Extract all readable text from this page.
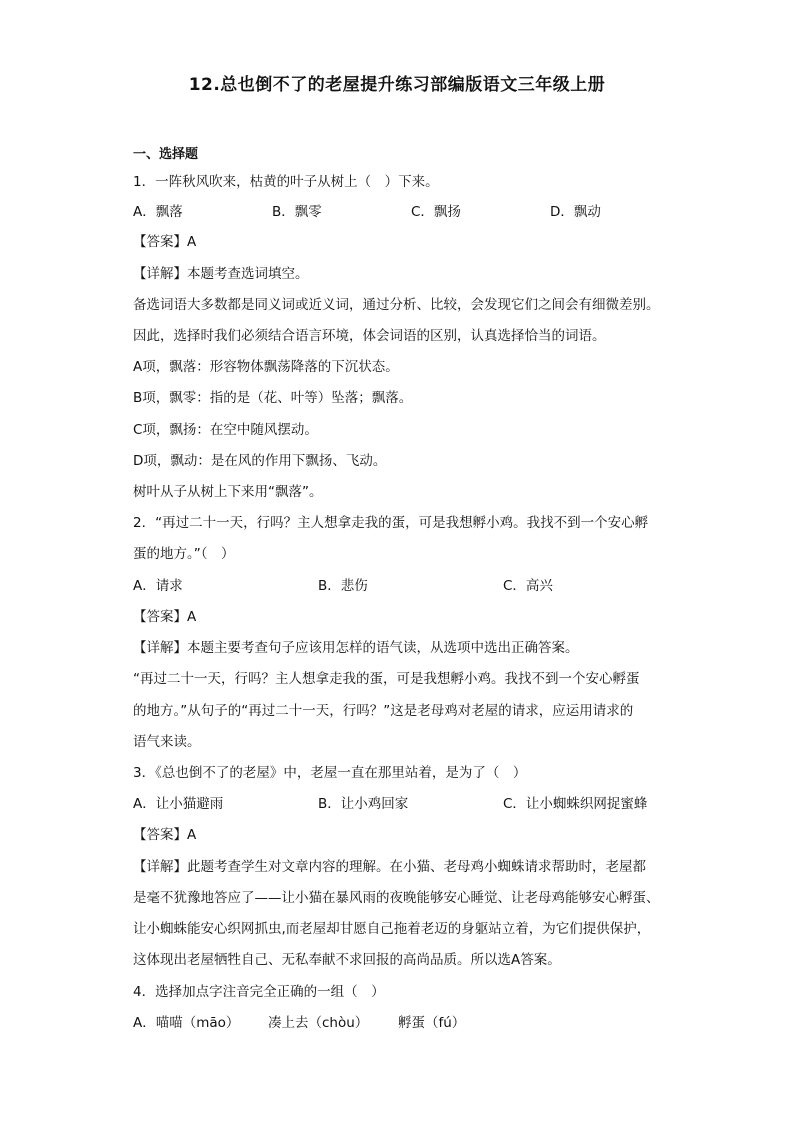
12.总也倒不了的老屋提升练习部编版语文三年级上册
一、选择题
1．一阵秋风吹来，枯黄的叶子从树上（　）下来。
A．飘落	B．飘零	C．飘扬	D．飘动
【答案】A
【详解】本题考查选词填空。
备选词语大多数都是同义词或近义词，通过分析、比较，会发现它们之间会有细微差别。
因此，选择时我们必须结合语言环境，体会词语的区别，认真选择恰当的词语。
A项，飘落：形容物体飘荡降落的下沉状态。
B项，飘零：指的是（花、叶等）坠落；飘落。
C项，飘扬：在空中随风摆动。
D项，飘动：是在风的作用下飘扬、飞动。
树叶从子从树上下来用“飘落”。
2．“再过二十一天，行吗？主人想拿走我的蛋，可是我想孵小鸡。我找不到一个安心孵
蛋的地方。”（　）
A．请求	B．悲伤	C．高兴
【答案】A
【详解】本题主要考查句子应该用怎样的语气读，从选项中选出正确答案。
“再过二十一天，行吗？主人想拿走我的蛋，可是我想孵小鸡。我找不到一个安心孵蛋
的地方。”从句子的“再过二十一天，行吗？”这是老母鸡对老屋的请求，应运用请求的
语气来读。
3．《总也倒不了的老屋》中，老屋一直在那里站着，是为了（　）
A．让小猫避雨	B．让小鸡回家	C．让小蜘蛛织网捉蜜蜂
【答案】A
【详解】此题考查学生对文章内容的理解。在小猫、老母鸡小蜘蛛请求帮助时，老屋都
是毫不犹豫地答应了——让小猫在暴风雨的夜晚能够安心睡觉、让老母鸡能够安心孵蛋、
让小蜘蛛能安心织网抓虫,而老屋却甘愿自己拖着老迈的身躯站立着，为它们提供保护，
这体现出老屋牺牲自己、无私奉献不求回报的高尚品质。所以选A答案。
4．选择加点字注音完全正确的一组（　）
A．喵喵（māo） 凑上去（chòu） 孵蛋（fú）
